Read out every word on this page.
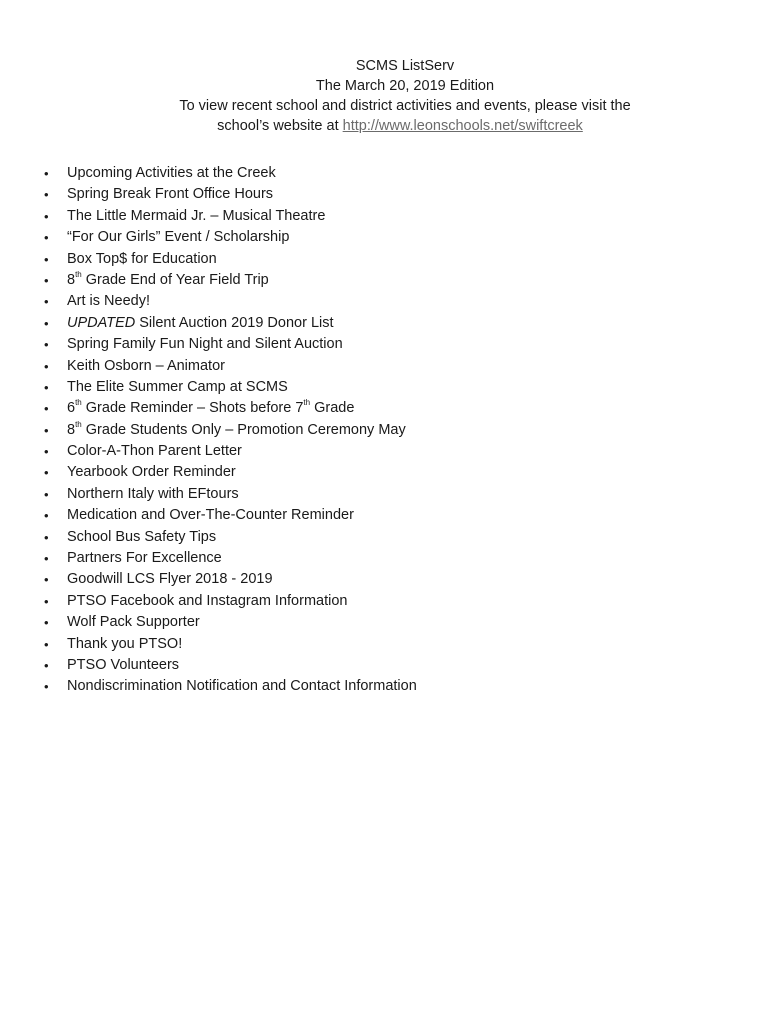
SCMS ListServ
The March 20, 2019 Edition
To view recent school and district activities and events, please visit the
school’s website at http://www.leonschools.net/swiftcreek
• Upcoming Activities at the Creek
• Spring Break Front Office Hours
• The Little Mermaid Jr. – Musical Theatre
• “For Our Girls” Event / Scholarship
• Box Top$ for Education
• 8th Grade End of Year Field Trip
• Art is Needy!
• UPDATED Silent Auction 2019 Donor List
• Spring Family Fun Night and Silent Auction
• Keith Osborn – Animator
• The Elite Summer Camp at SCMS
• 6th Grade Reminder – Shots before 7th Grade
• 8th Grade Students Only – Promotion Ceremony May
• Color-A-Thon Parent Letter
• Yearbook Order Reminder
• Northern Italy with EFtours
• Medication and Over-The-Counter Reminder
• School Bus Safety Tips
• Partners For Excellence
• Goodwill LCS Flyer 2018 - 2019
• PTSO Facebook and Instagram Information
• Wolf Pack Supporter
• Thank you PTSO!
• PTSO Volunteers
• Nondiscrimination Notification and Contact Information
